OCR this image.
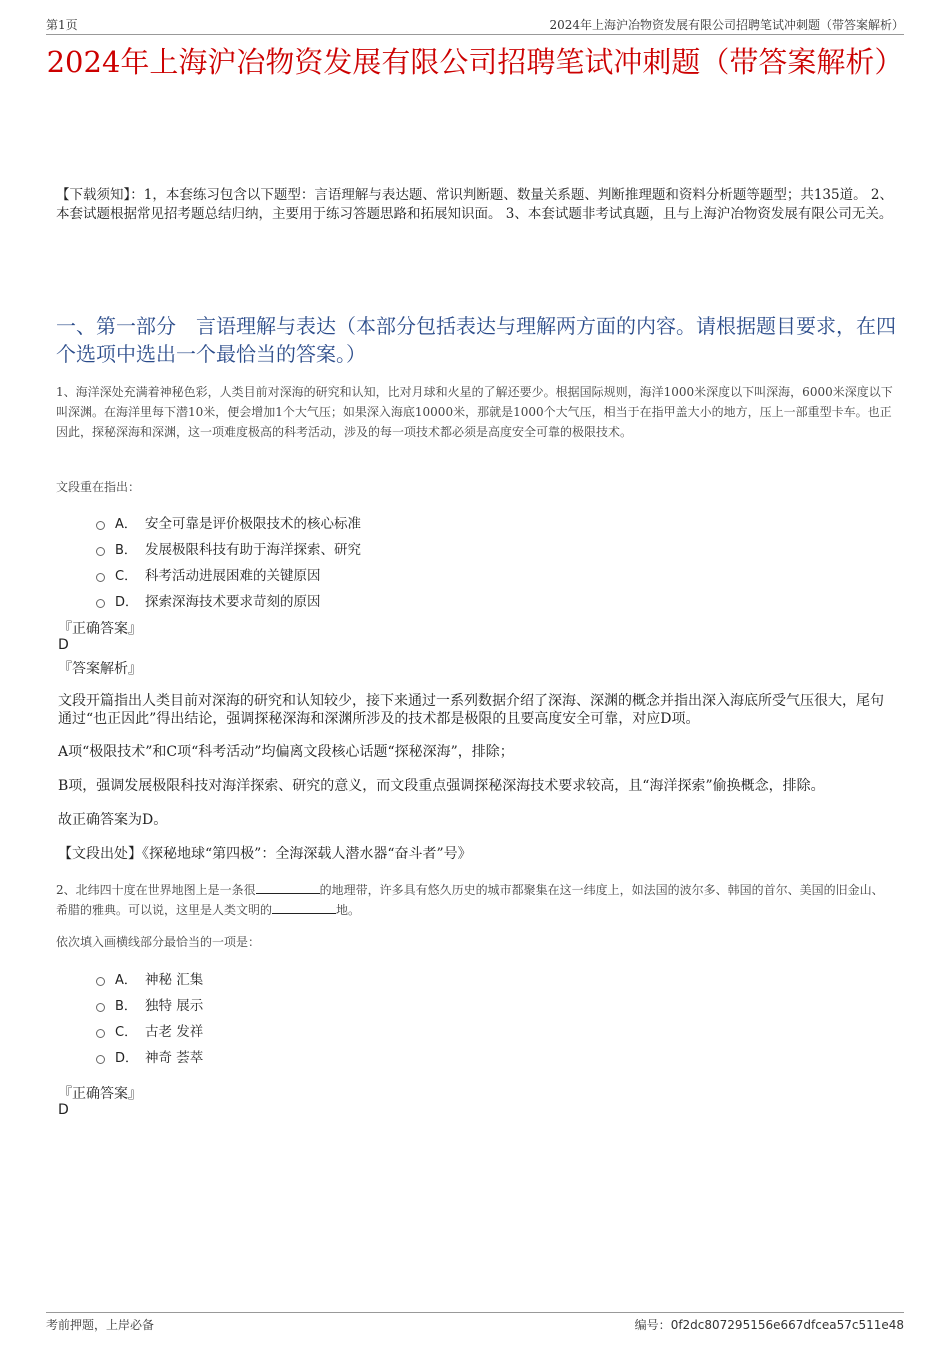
第1页	2024年上海沪冶物资发展有限公司招聘笔试冲刺题（带答案解析）
2024年上海沪冶物资发展有限公司招聘笔试冲刺题（带答案解析）
【下载须知】：1，本套练习包含以下题型：言语理解与表达题、常识判断题、数量关系题、判断推理题和资料分析题等题型；共135道。 2、本套试题根据常见招考题总结归纳，主要用于练习答题思路和拓展知识面。 3、本套试题非考试真题，且与上海沪冶物资发展有限公司无关。
一、第一部分　言语理解与表达（本部分包括表达与理解两方面的内容。请根据题目要求，在四个选项中选出一个最恰当的答案。）
1、海洋深处充满着神秘色彩，人类目前对深海的研究和认知，比对月球和火星的了解还要少。根据国际规则，海洋1000米深度以下叫深海，6000米深度以下叫深渊。在海洋里每下潜10米，便会增加1个大气压；如果深入海底10000米，那就是1000个大气压，相当于在指甲盖大小的地方，压上一部重型卡车。也正因此，探秘深海和深渊，这一项难度极高的科考活动，涉及的每一项技术都必须是高度安全可靠的极限技术。
文段重在指出：
A． 安全可靠是评价极限技术的核心标准
B． 发展极限科技有助于海洋探索、研究
C． 科考活动进展困难的关键原因
D． 探索深海技术要求苛刻的原因
『正确答案』
D
『答案解析』
文段开篇指出人类目前对深海的研究和认知较少，接下来通过一系列数据介绍了深海、深渊的概念并指出深入海底所受气压很大，尾句通过“也正因此”得出结论，强调探秘深海和深渊所涉及的技术都是极限的且要高度安全可靠，对应D项。
A项“极限技术”和C项“科考活动”均偏离文段核心话题“探秘深海”，排除；
B项，强调发展极限科技对海洋探索、研究的意义，而文段重点强调探秘深海技术要求较高，且“海洋探索”偷换概念，排除。
故正确答案为D。
【文段出处】《探秘地球“第四极”：全海深载人潜水器“奋斗者”号》
2、北纬四十度在世界地图上是一条很	的地理带，许多具有悠久历史的城市都聚集在这一纬度上，如法国的波尔多、韩国的首尔、美国的旧金山、希腊的雅典。可以说，这里是人类文明的	地。
依次填入画横线部分最恰当的一项是：
A． 神秘 汇集
B． 独特 展示
C． 古老 发祥
D． 神奇 荟萃
『正确答案』
D
考前押题，上岸必备	编号：0f2dc807295156e667dfcea57c511e48
